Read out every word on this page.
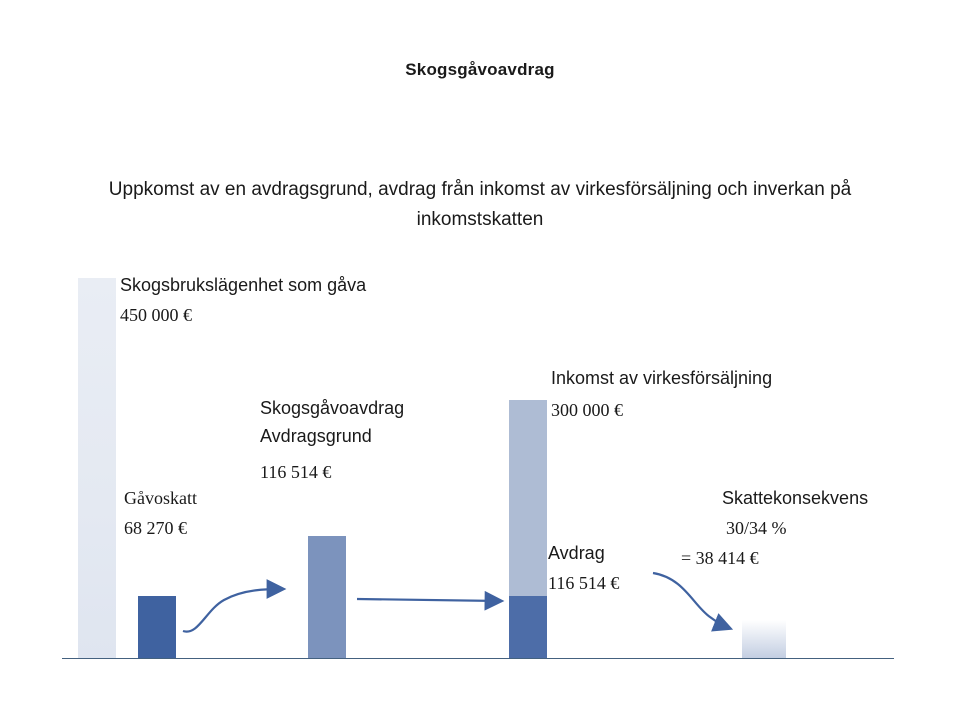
Skogsgåvoavdrag
Uppkomst av en avdragsgrund, avdrag från inkomst av virkesförsäljning och inverkan på inkomstskatten
Skogsbrukslägenhet som gåva
450 000 €
Gåvoskatt
68 270 €
Skogsgåvoavdrag
Avdragsgrund
116 514 €
Inkomst av virkesförsäljning
300 000 €
Avdrag
116 514 €
Skattekonsekvens
30/34 %
= 38 414 €
